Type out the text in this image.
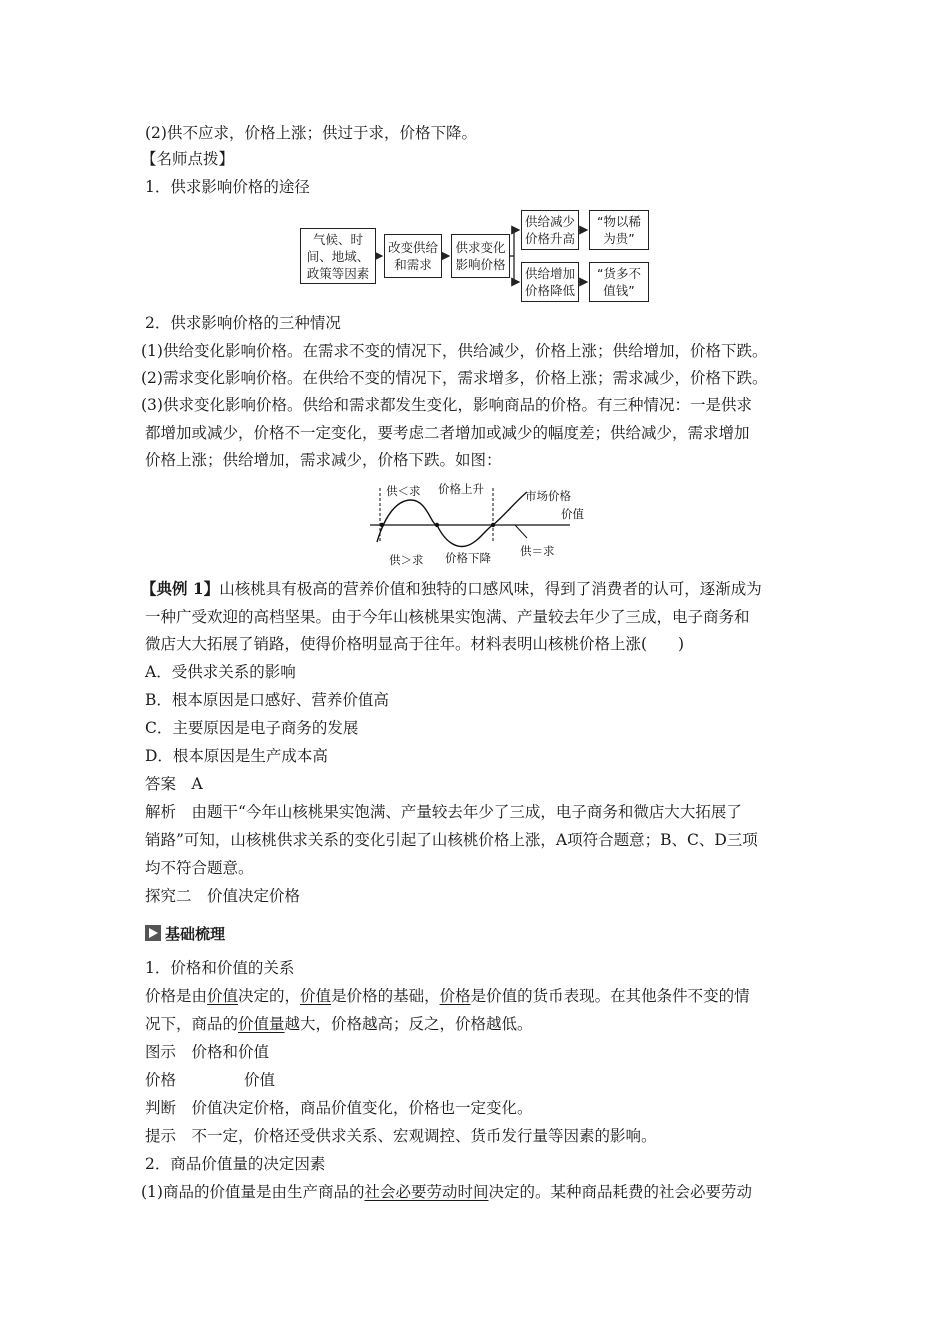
(2)供不应求，价格上涨；供过于求，价格下降。
【名师点拨】
1．供求影响价格的途径
气候、时间、地域、政策等因素
改变供给和需求
供求变化影响价格
供给减少价格升高
供给增加价格降低
“物以稀为贵”
“货多不值钱”
2．供求影响价格的三种情况
(1)供给变化影响价格。在需求不变的情况下，供给减少，价格上涨；供给增加，价格下跌。
(2)需求变化影响价格。在供给不变的情况下，需求增多，价格上涨；需求减少，价格下跌。
(3)供求变化影响价格。供给和需求都发生变化，影响商品的价格。有三种情况：一是供求
都增加或减少，价格不一定变化，要考虑二者增加或减少的幅度差；供给减少，需求增加
价格上涨；供给增加，需求减少，价格下跌。如图：
供＜求 价格上升	市场价格
价值
供＞求 价格下降	供＝求
【典例 1】山核桃具有极高的营养价值和独特的口感风味，得到了消费者的认可，逐渐成为
一种广受欢迎的高档坚果。由于今年山核桃果实饱满、产量较去年少了三成，电子商务和
微店大大拓展了销路，使得价格明显高于往年。材料表明山核桃价格上涨(　　)
A．受供求关系的影响
B．根本原因是口感好、营养价值高
C．主要原因是电子商务的发展
D．根本原因是生产成本高
答案　A
解析　由题干“今年山核桃果实饱满、产量较去年少了三成，电子商务和微店大大拓展了
销路”可知，山核桃供求关系的变化引起了山核桃价格上涨，A项符合题意；B、C、D三项
均不符合题意。
探究二　价值决定价格
基础梳理
1．价格和价值的关系
价格是由价值决定的，价值是价格的基础，价格是价值的货币表现。在其他条件不变的情
况下，商品的价值量越大，价格越高；反之，价格越低。
图示　价格和价值
价格	价值
判断　价值决定价格，商品价值变化，价格也一定变化。
提示　不一定，价格还受供求关系、宏观调控、货币发行量等因素的影响。
2．商品价值量的决定因素
(1)商品的价值量是由生产商品的社会必要劳动时间决定的。某种商品耗费的社会必要劳动
